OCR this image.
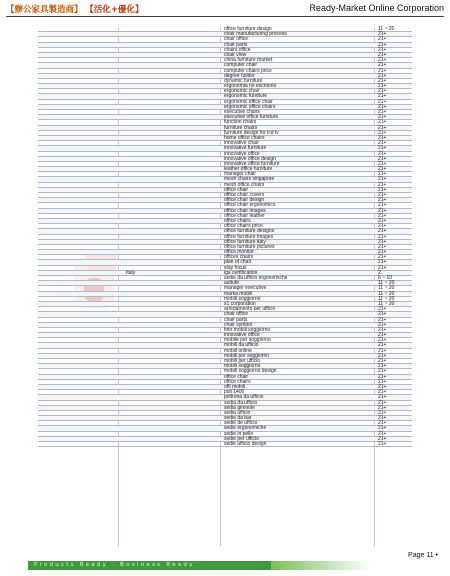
【辦公家具製造商】 【活化+優化】	Ready-Market Online Corporation
office furniture design	11 ~ 20
chair manufacturing process	21+
chair office	21+
chair parts	21+
chairs office	21+
chair view	21+
china furniture market	21+
computer chair	21+
computer chairs price	21+
degree holder	21+
dynamic furniture	21+
ergonomia no escritorio	21+
ergonomic chair	21+
ergonomic furniture	21+
ergonomic office chair	21+
ergonomic office chairs	21+
executive chairs	21+
executive office furniture	21+
function chairs	21+
furniture chairs	21+
furniture design for lcd tv	21+
home office chairs	21+
innovative chair	21+
innovative furniture	21+
innovative office	21+
innovative office design	21+
innovative office furniture	21+
leather office furniture	21+
manager chair	21+
mesh chairs singapore	21+
mesh office chairs	21+
office chair	21+
office chair covers	21+
office chair design	21+
office chair ergonomics	21+
office chair images	21+
office chair leather	21+
office chairs	21+
office chairs price	21+
office furniture designs	21+
office furniture images	21+
office furniture italy	21+
office furniture pictures	21+
office monitor	21+
offices chairs	21+
plan of chair	21+
stay focus	21+
Italy	lga certification	2
sedie da ufficio ergonomiche	6 ~ 10
aultufe	11 ~ 20
manager executive	11 ~ 20
marka mobili	11 ~ 20
mobili soggiorno	11 ~ 20
x1 corporation	11 ~ 20
arredamento per ufficio	21+
chair office	21+
chair parts	21+
chair symbol	21+
foto mobili soggiorno	21+
innovative office	21+
mobile per soggiorno	21+
mobili da ufficio	21+
mobili online	21+
mobili per soggiorno	21+
mobili per ufficio	21+
mobili soggiorno	21+
mobili soggiorno design	21+
office chair	21+
office chairs	21+
offi mobili	21+
poli 1400	21+
poltrona da ufficio	21+
sedia da ufficio	21+
sedia girevole	21+
sedia ufficio	21+
sedie da bar	21+
sedie de ufficio	21+
sedie ergonomiche	21+
sedie in pelle	21+
sedie per ufficio	21+
sedie ufficio design	21+
Page 11 •
Products Ready · Business Ready
